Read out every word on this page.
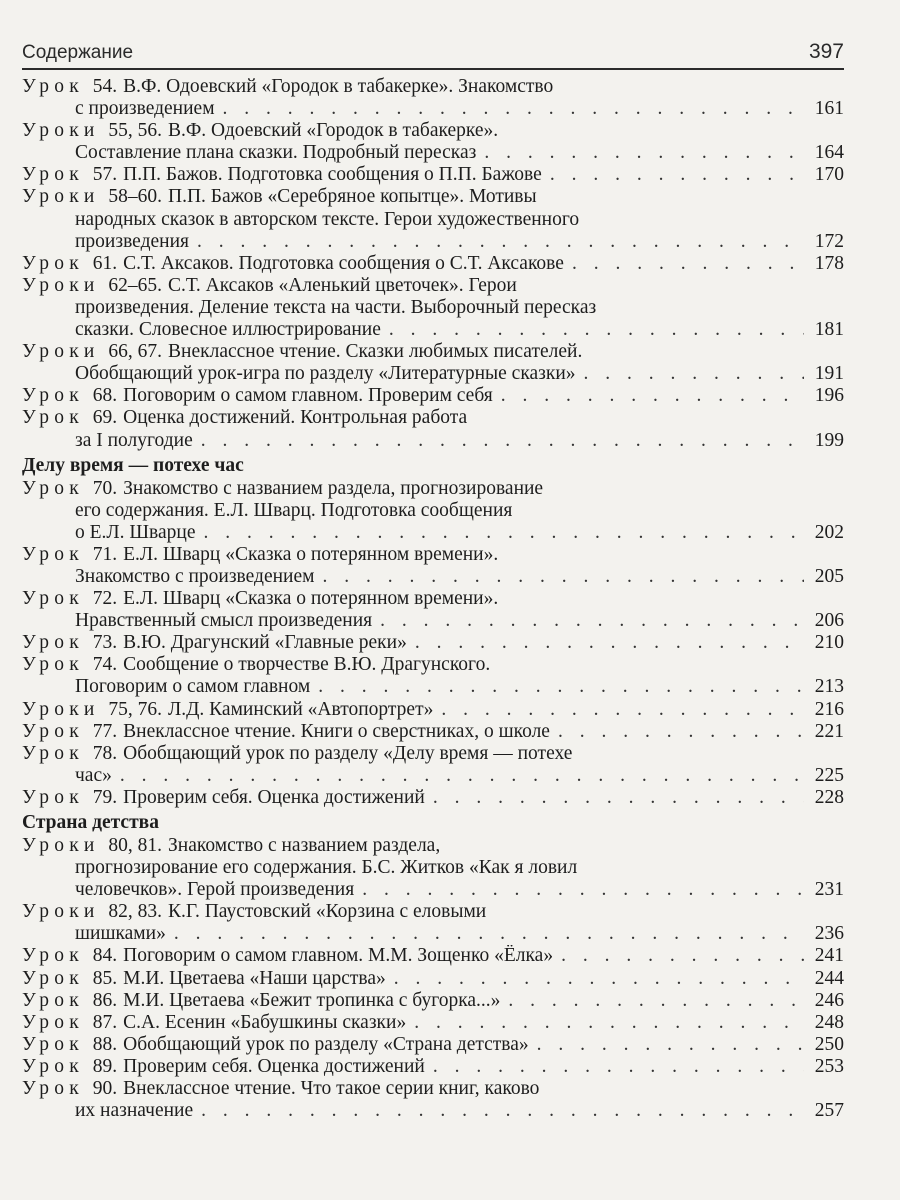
Содержание	397
Урок 54. В.Ф. Одоевский «Городок в табакерке». Знакомство
с произведением . . .	161
Уроки 55, 56. В.Ф. Одоевский «Городок в табакерке».
Составление плана сказки. Подробный пересказ . . .	164
Урок 57. П.П. Бажов. Подготовка сообщения о П.П. Бажове . . .	170
Уроки 58–60. П.П. Бажов «Серебряное копытце». Мотивы
народных сказок в авторском тексте. Герои художественного
произведения . . .	172
Урок 61. С.Т. Аксаков. Подготовка сообщения о С.Т. Аксакове . . .	178
Уроки 62–65. С.Т. Аксаков «Аленький цветочек». Герои
произведения. Деление текста на части. Выборочный пересказ
сказки. Словесное иллюстрирование . . .	181
Уроки 66, 67. Внеклассное чтение. Сказки любимых писателей.
Обобщающий урок-игра по разделу «Литературные сказки» . . .	191
Урок 68. Поговорим о самом главном. Проверим себя . . .	196
Урок 69. Оценка достижений. Контрольная работа
за I полугодие . . .	199
Делу время — потехе час
Урок 70. Знакомство с названием раздела, прогнозирование
его содержания. Е.Л. Шварц. Подготовка сообщения
о Е.Л. Шварце . . .	202
Урок 71. Е.Л. Шварц «Сказка о потерянном времени».
Знакомство с произведением . . .	205
Урок 72. Е.Л. Шварц «Сказка о потерянном времени».
Нравственный смысл произведения . . .	206
Урок 73. В.Ю. Драгунский «Главные реки» . . .	210
Урок 74. Сообщение о творчестве В.Ю. Драгунского.
Поговорим о самом главном . . .	213
Уроки 75, 76. Л.Д. Каминский «Автопортрет» . . .	216
Урок 77. Внеклассное чтение. Книги о сверстниках, о школе . . .	221
Урок 78. Обобщающий урок по разделу «Делу время — потехе
час» . . .	225
Урок 79. Проверим себя. Оценка достижений . . .	228
Страна детства
Уроки 80, 81. Знакомство с названием раздела,
прогнозирование его содержания. Б.С. Житков «Как я ловил
человечков». Герой произведения . . .	231
Уроки 82, 83. К.Г. Паустовский «Корзина с еловыми
шишками» . . .	236
Урок 84. Поговорим о самом главном. М.М. Зощенко «Ёлка» . . .	241
Урок 85. М.И. Цветаева «Наши царства» . . .	244
Урок 86. М.И. Цветаева «Бежит тропинка с бугорка...» . . .	246
Урок 87. С.А. Есенин «Бабушкины сказки» . . .	248
Урок 88. Обобщающий урок по разделу «Страна детства» . . .	250
Урок 89. Проверим себя. Оценка достижений . . .	253
Урок 90. Внеклассное чтение. Что такое серии книг, каково
их назначение . . .	257
